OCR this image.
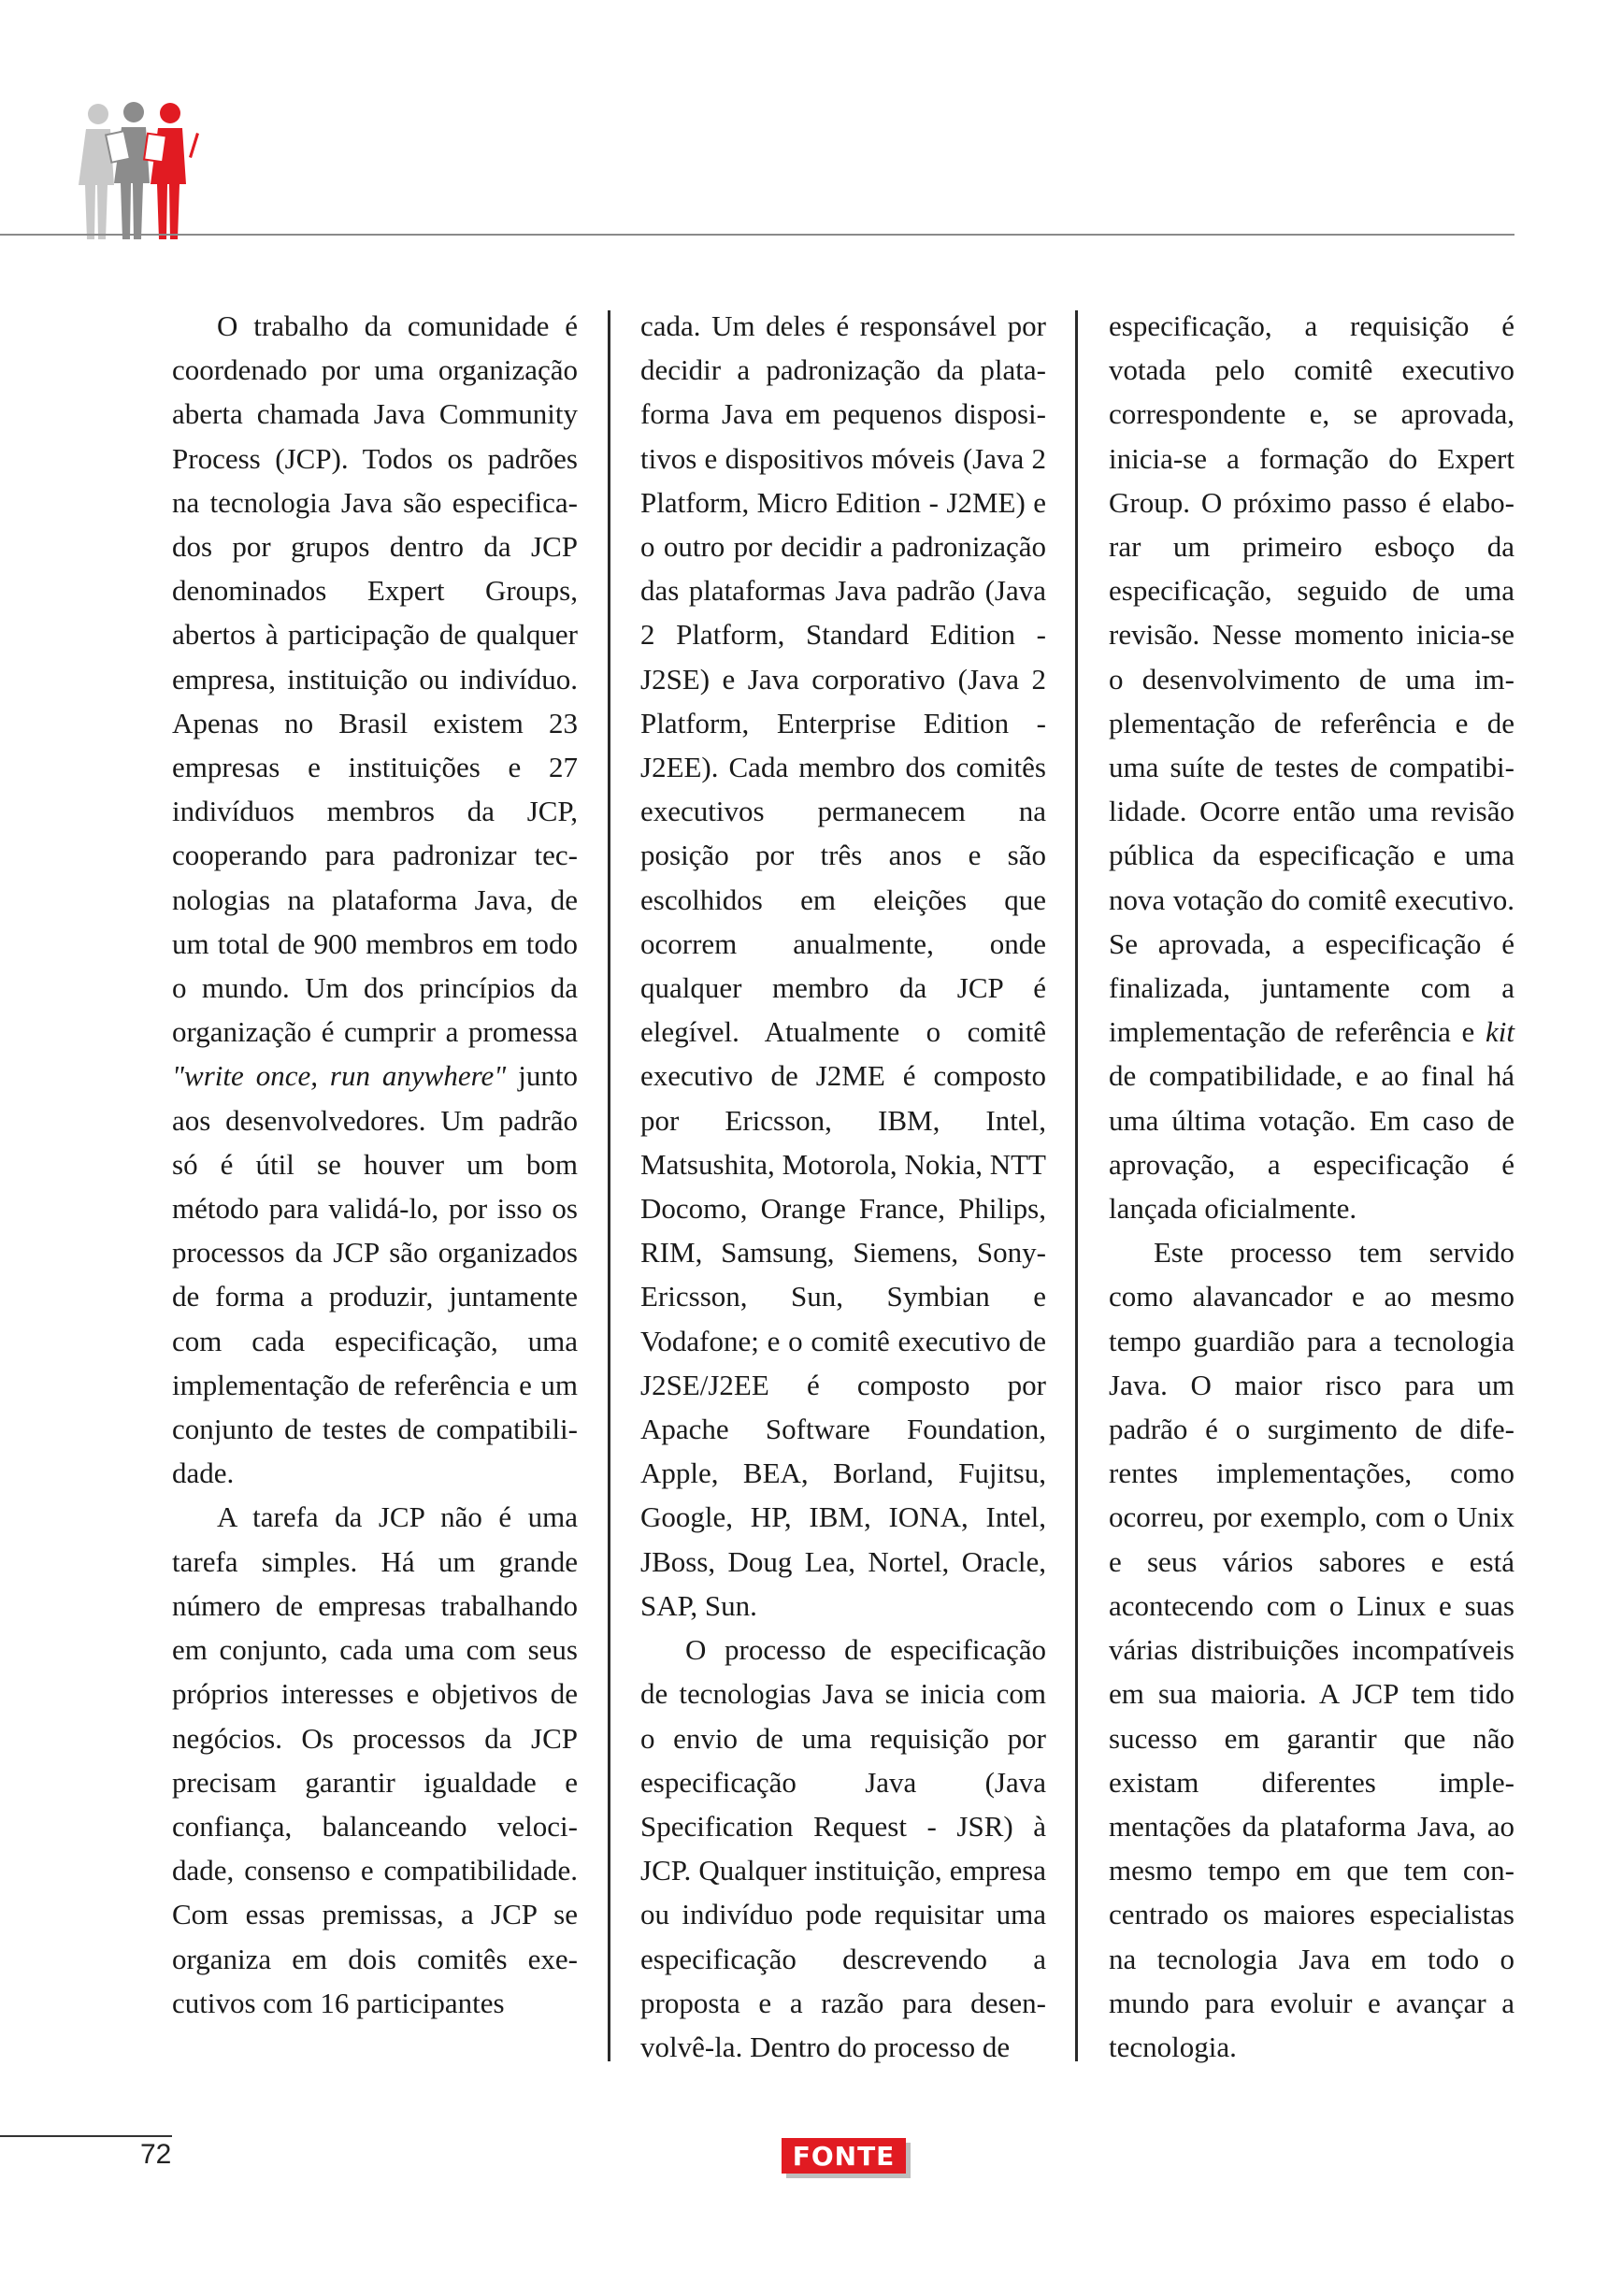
O trabalho da comunidade é coordenado por uma organização aberta chamada Java Community Process (JCP). Todos os padrões na tecnologia Java são especificados por grupos dentro da JCP denominados Expert Groups, abertos à participação de qualquer empresa, instituição ou indivíduo. Apenas no Brasil existem 23 empresas e instituições e 27 indivíduos membros da JCP, cooperando para padronizar tecnologias na plataforma Java, de um total de 900 membros em todo o mundo. Um dos princípios da organização é cumprir a promessa "write once, run anywhere" junto aos desenvolvedores. Um padrão só é útil se houver um bom método para validá-lo, por isso os processos da JCP são organizados de forma a produzir, juntamente com cada especificação, uma implementação de referência e um conjunto de testes de compatibilidade.

A tarefa da JCP não é uma tarefa simples. Há um grande número de empresas trabalhando em conjunto, cada uma com seus próprios interesses e objetivos de negócios. Os processos da JCP precisam garantir igualdade e confiança, balanceando velocidade, consenso e compatibilidade. Com essas premissas, a JCP se organiza em dois comitês executivos com 16 participantes

cada. Um deles é responsável por decidir a padronização da plataforma Java em pequenos dispositivos e dispositivos móveis (Java 2 Platform, Micro Edition - J2ME) e o outro por decidir a padronização das plataformas Java padrão (Java 2 Platform, Standard Edition - J2SE) e Java corporativo (Java 2 Platform, Enterprise Edition - J2EE). Cada membro dos comitês executivos permanecem na posição por três anos e são escolhidos em eleições que ocorrem anualmente, onde qualquer membro da JCP é elegível. Atualmente o comitê executivo de J2ME é composto por Ericsson, IBM, Intel, Matsushita, Motorola, Nokia, NTT Docomo, Orange France, Philips, RIM, Samsung, Siemens, Sony-Ericsson, Sun, Symbian e Vodafone; e o comitê executivo de J2SE/J2EE é composto por Apache Software Foundation, Apple, BEA, Borland, Fujitsu, Google, HP, IBM, IONA, Intel, JBoss, Doug Lea, Nortel, Oracle, SAP, Sun.

O processo de especificação de tecnologias Java se inicia com o envio de uma requisição por especificação Java (Java Specification Request - JSR) à JCP. Qualquer instituição, empresa ou indivíduo pode requisitar uma especificação descrevendo a proposta e a razão para desenvolvê-la. Dentro do processo de

especificação, a requisição é votada pelo comitê executivo correspondente e, se aprovada, inicia-se a formação do Expert Group. O próximo passo é elaborar um primeiro esboço da especificação, seguido de uma revisão. Nesse momento inicia-se o desenvolvimento de uma implementação de referência e de uma suíte de testes de compatibilidade. Ocorre então uma revisão pública da especificação e uma nova votação do comitê executivo. Se aprovada, a especificação é finalizada, juntamente com a implementação de referência e kit de compatibilidade, e ao final há uma última votação. Em caso de aprovação, a especificação é lançada oficialmente.

Este processo tem servido como alavancador e ao mesmo tempo guardião para a tecnologia Java. O maior risco para um padrão é o surgimento de diferentes implementações, como ocorreu, por exemplo, com o Unix e seus vários sabores e está acontecendo com o Linux e suas várias distribuições incompatíveis em sua maioria. A JCP tem tido sucesso em garantir que não existam diferentes implementações da plataforma Java, ao mesmo tempo em que tem concentrado os maiores especialistas na tecnologia Java em todo o mundo para evoluir e avançar a tecnologia.

72	FONTE
